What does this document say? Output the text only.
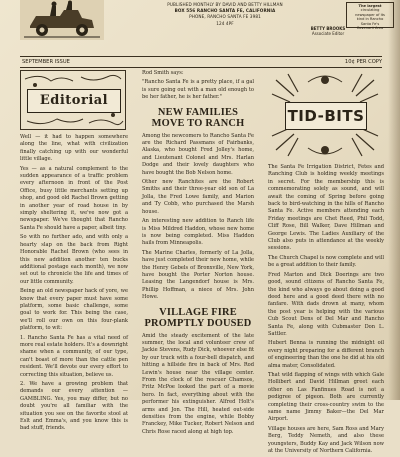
PUBLISHED MONTHLY BY DAVID AND BETTY HILLMAN
BOX 556 RANCHO SANTA FE, CALIFORNIA
PHONE, RANCHO SANTA FE 3981
124 4PF
BETTY BROOKS
Associate Editor
The largest
circulating
newspaper of its
kind in Rancho
Santa Fe's
Covenant Area
SEPTEMBER ISSUE	10¢ PER COPY
Editorial

Well — it had to happen somewhere along the line, what with civilization finally catching up with our wonderful little village.

Yes — as a natural complement to the sudden appearance of a traffic problem every afternoon in front of the Post Office, busy little merchants setting up shop, and good old Rachel Brown getting in another year of road house in by simply sheltering it, we've now got a newspaper. We've thought that Rancho Santa Fe should have a paper, albeit tiny.

So with no further ado, and with only a hearty slap on the back from Right Honorable Rachel Brown (who sees in this new addition another ten bucks additional postage each month), we now set out to chronicle the life and times of our little community.

Being an old newspaper hack of yore, we know that every paper must have some platform, some basic challenge, some goal to work for. This being the case, we'll roll our own on this four-plank platform, to wit:

1. Rancho Santa Fe has a vital need of more real estate holders. It's a downright shame when a community, of our type, can't boast of more than the cattle pen resident. We'll devote our every effort to correcting this situation, believe us.

2. We have a growing problem that demands our every attention — GAMBLING. Yes, you may differ, but no doubt you're all familiar with the situation you see on the favorite stool at Eslt and Emma's, and you know this is bad stuff, friends.

Rod Smith says:

"Rancho Santa Fe is a pretty place, if a gal is sure going out with a man old enough to be her father, he is her father."

NEW FAMILIES MOVE TO RANCH

Among the newcomers to Rancho Santa Fe are the Richard Passmans of Fairbanks, Alaska, who bought Fred Jolley's home, and Lieutenant Colonel and Mrs. Harlan Dodge and their lovely daughters who have bought the Bob Nelson home.

Other new Ranchites are the Robert Smiths and their three-year old son of La Jolla, the Fred Lowe family, and Marion and Ty Cobb, who purchased the Marsh house.

An interesting new addition to Ranch life is Miss Mildred Haddon, whose new home is now being completed. Miss Haddon hails from Minneapolis.

The Marine Charles, formerly of La Jolla, have just completed their new home, while the Henry Gebels of Bronxville, New York, have bought the Porter Norton house. Leasing the Langendorf house is Mrs. Phillip Hoffman, a niece of Mrs. John Howe.

VILLAGE FIRE PROMPTLY DOUSED

Amid the steady excitement of the late summer, the local and volunteer crew of Jackie Stevens, Rudy Dick, whoever else fit by our truck with a four-bell dispatch, and hitting a hillside fire in back of Mrs. Rod Lewin's house near the village center. From the clock of the rescuer Chamsos, Fritz McPoe looked the part of a movie hero. In fact, everything about with the performer his extinguisher. Alfred Holt's arms and Jon. The Hill, heated out-side densities from the engine, while Bobby Franckey, Mike Tucker, Robert Nelson and Chris Rose raced along at high top.

TID-BITS

The Santa Fe Irrigation District, Fetes and Ranching Club is holding weekly meetings in secret. For the membership this is commemorating solely as sound, and will await the coming of Spring before going back to bird-watching in the hills of Rancho Santa Fe. Active members attending each Friday meetings are Chet Reed, Phil Todd, Cliff Rose, Bill Walker, Dave Hillman and George Lewis. The Ladies Auxiliary of the Club also puts in attendance at the weekly sessions.

The Church Chapel is now complete and will be a great addition to their family.

Fred Marton and Dick Doerings are two good, sound citizens of Rancho Santa Fe, the kind who always go about doing a good deed here and a good deed there with no fanfare. With dads drown at many, whom the post year is helping with the various Cub Scout Dens of Del Mar and Rancho Santa Fe, along with Cubmaster Don L. Sattler.

Hubert Benna is running the midnight oil every night preparing for a different branch of engineering than the one he did at his old alma mater, Consolidated.

That wild flapping of wings with which Gale Hollibert and David Hillman greet each other on Las Fanfinues Road is not a pedigree of pigeon. Both are currently completing their cross-country swim to the same name Jimmy Baker—the Del Mar Airport.

Village houses are here, Sam Ross and Mary Berg, Teddy Nemeth, and also these youngsters, Buddy Kay and Jack Wilson now at the University of Northern California.
